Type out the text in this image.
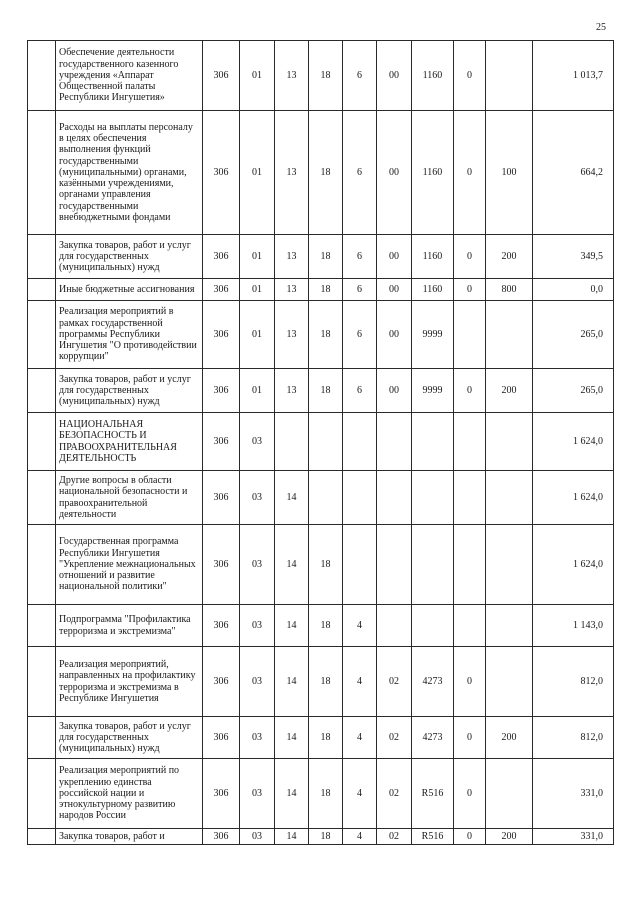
25
	Обеспечение деятельности государственного казенного учреждения «Аппарат Общественной палаты Республики Ингушетия»	306	01	13	18	6	00	1160	0		1 013,7
	Расходы на выплаты персоналу в целях обеспечения выполнения функций государственными (муниципальными) органами, казёнными учреждениями, органами управления государственными внебюджетными фондами	306	01	13	18	6	00	1160	0	100	664,2
	Закупка товаров, работ и услуг для государственных (муниципальных) нужд	306	01	13	18	6	00	1160	0	200	349,5
	Иные бюджетные ассигнования	306	01	13	18	6	00	1160	0	800	0,0
	Реализация мероприятий в рамках государственной программы Республики Ингушетия "О противодействии коррупции"	306	01	13	18	6	00	9999			265,0
	Закупка товаров, работ и услуг для государственных (муниципальных) нужд	306	01	13	18	6	00	9999	0	200	265,0
	НАЦИОНАЛЬНАЯ БЕЗОПАСНОСТЬ И ПРАВООХРАНИТЕЛЬНАЯ ДЕЯТЕЛЬНОСТЬ	306	03								1 624,0
	Другие вопросы в области национальной безопасности и правоохранительной деятельности	306	03	14							1 624,0
	Государственная программа Республики Ингушетия "Укрепление межнациональных отношений и развитие национальной политики"	306	03	14	18						1 624,0
	Подпрограмма "Профилактика терроризма и экстремизма"	306	03	14	18	4					1 143,0
	Реализация мероприятий, направленных на профилактику терроризма и экстремизма в Республике Ингушетия	306	03	14	18	4	02	4273	0		812,0
	Закупка товаров, работ и услуг для государственных (муниципальных) нужд	306	03	14	18	4	02	4273	0	200	812,0
	Реализация мероприятий по укреплению единства российской нации и этнокультурному развитию народов России	306	03	14	18	4	02	R516	0		331,0
	Закупка товаров, работ и	306	03	14	18	4	02	R516	0	200	331,0
